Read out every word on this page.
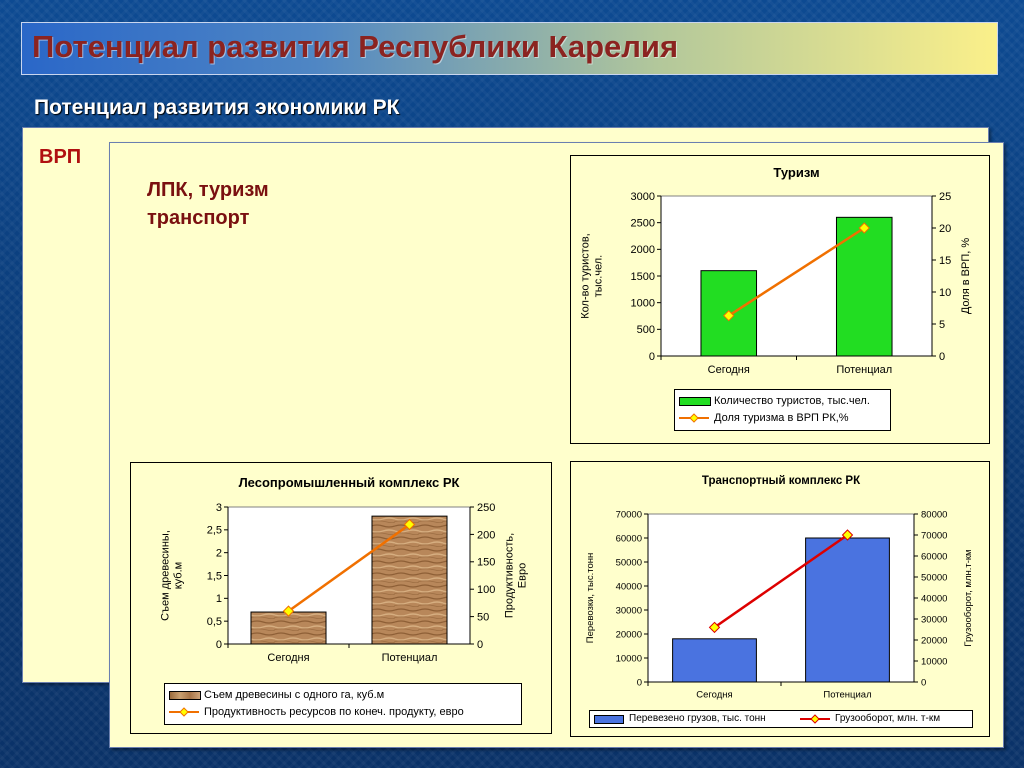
Потенциал развития Республики Карелия
Потенциал развития экономики РК
ВРП
ЛПК, туризм
транспорт
Туризм
0
500
1000
1500
2000
2500
3000
0
5
10
15
20
25
Сегодня	Потенциал
Кол-во туристов, тыс.чел.	Доля в ВРП, %
Количество туристов, тыс.чел.
Доля туризма в ВРП РК,%
Лесопромышленный комплекс РК
0
0,5
1
1,5
2
2,5
3
0
50
100
150
200
250
Сегодня	Потенциал
Съем древесины, куб.м	Продуктивность, Евро
Съем древесины с одного га, куб.м
Продуктивность ресурсов по конеч. продукту, евро
Транспортный комплекс РК
0
10000
20000
30000
40000
50000
60000
70000
0
10000
20000
30000
40000
50000
60000
70000
80000
Сегодня	Потенциал
Перевозки, тыс.тонн	Грузооборот, млн.т-км
Перевезено грузов, тыс. тонн	Грузооборот, млн. т-км
